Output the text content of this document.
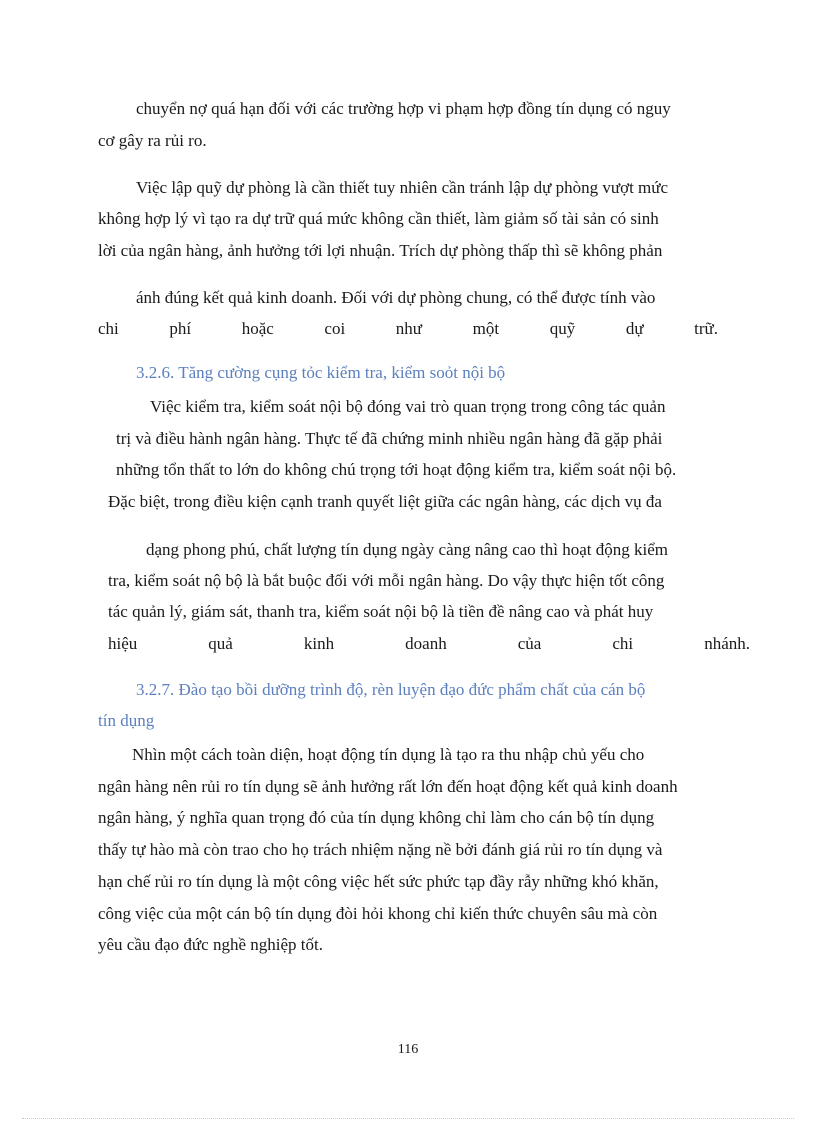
chuyển nợ quá hạn đối với các trường hợp vi phạm hợp đồng tín dụng có nguy

cơ gây ra rủi ro.

Việc lập quỹ dự phòng là cần thiết tuy nhiên cần tránh lập dự phòng vượt mức

không hợp lý vì tạo ra dự trữ quá mức không cần thiết, làm giảm số tài sản có sinh

lời của ngân hàng, ảnh hưởng tới lợi nhuận. Trích dự phòng thấp thì sẽ không phản

ánh đúng kết quả kinh doanh. Đối với dự phòng chung, có thể được tính vào

chi phí hoặc coi như một quỹ dự trữ.

3.2.6. Tăng cường cụng tỏc kiểm tra, kiểm soỏt nội bộ

Việc kiểm tra, kiểm soát nội bộ đóng vai trò quan trọng trong công tác quản

trị và điều hành ngân hàng. Thực tế đã chứng minh nhiều ngân hàng đã gặp phải

những tổn thất to lớn do không chú trọng tới hoạt động kiểm tra, kiểm soát nội bộ.

Đặc biệt, trong điều kiện cạnh tranh quyết liệt giữa các ngân hàng, các dịch vụ đa

dạng phong phú, chất lượng tín dụng ngày càng nâng cao thì hoạt động kiểm

tra, kiểm soát nộ bộ là bắt buộc đối với mỗi ngân hàng. Do vậy thực hiện tốt công

tác quản lý, giám sát, thanh tra, kiểm soát nội bộ là tiền đề nâng cao và phát huy

hiệu quả kinh doanh của chi nhánh.

3.2.7. Đào tạo bồi dưỡng trình độ, rèn luyện đạo đức phẩm chất của cán bộ

tín dụng

Nhìn một cách toàn diện, hoạt động tín dụng là tạo ra thu nhập chủ yếu cho

ngân hàng nên rủi ro tín dụng sẽ ảnh hưởng rất lớn đến hoạt động kết quả kinh doanh

ngân hàng, ý nghĩa quan trọng đó của tín dụng không chỉ làm cho cán bộ tín dụng

thấy tự hào mà còn trao cho họ trách nhiệm nặng nề bởi đánh giá rủi ro tín dụng và

hạn chế rủi ro tín dụng là một công việc hết sức phức tạp đầy rẫy những khó khăn,

công việc của một cán bộ tín dụng đòi hỏi khong chỉ kiến thức chuyên sâu mà còn

yêu cầu đạo đức nghề nghiệp tốt.

116
